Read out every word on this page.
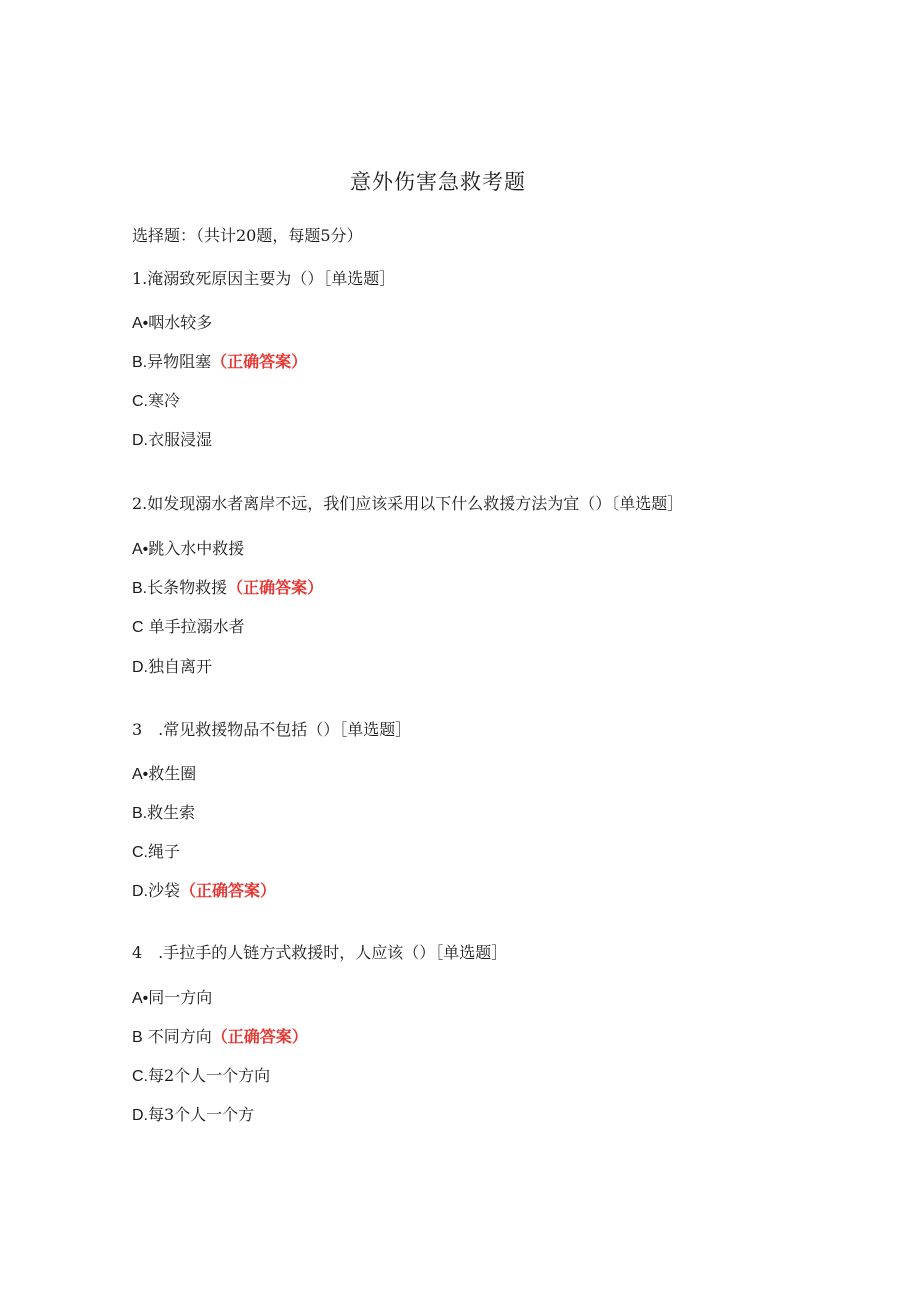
意外伤害急救考题
选择题：（共计20题，每题5分）
1.淹溺致死原因主要为（）［单选题］
A•咽水较多
B.异物阻塞（正确答案）
C.寒冷
D.衣服浸湿
2.如发现溺水者离岸不远，我们应该采用以下什么救援方法为宜（）〔单选题］
A•跳入水中救援
B.长条物救援（正确答案）
C 单手拉溺水者
D.独自离开
3　.常见救援物品不包括（）［单选题］
A•救生圈
B.救生索
C.绳子
D.沙袋（正确答案）
4　.手拉手的人链方式救援时，人应该（）［单选题］
A•同一方向
B 不同方向（正确答案）
C.每2个人一个方向
D.每3个人一个方
